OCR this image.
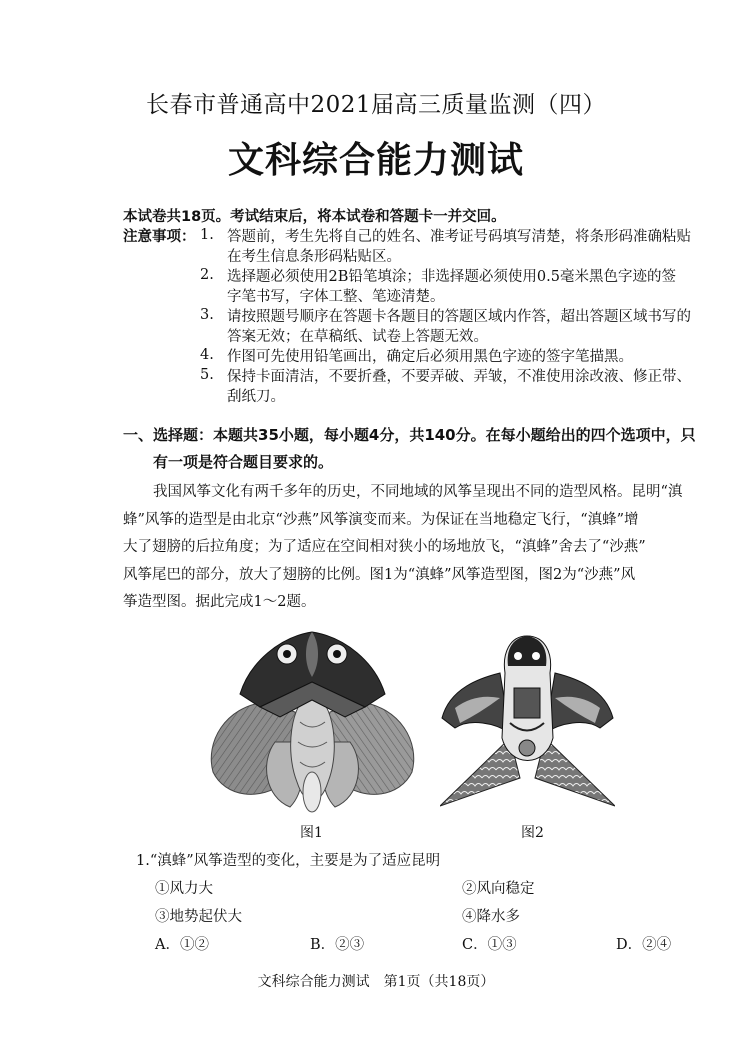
长春市普通高中2021届高三质量监测（四）
文科综合能力测试
本试卷共18页。考试结束后，将本试卷和答题卡一并交回。
注意事项： 1. 答题前，考生先将自己的姓名、准考证号码填写清楚，将条形码准确粘贴
在考生信息条形码粘贴区。
2. 选择题必须使用2B铅笔填涂；非选择题必须使用0.5毫米黑色字迹的签
字笔书写，字体工整、笔迹清楚。
3. 请按照题号顺序在答题卡各题目的答题区域内作答，超出答题区域书写的
答案无效；在草稿纸、试卷上答题无效。
4. 作图可先使用铅笔画出，确定后必须用黑色字迹的签字笔描黑。
5. 保持卡面清洁，不要折叠，不要弄破、弄皱，不准使用涂改液、修正带、
刮纸刀。
一、选择题：本题共35小题，每小题4分，共140分。在每小题给出的四个选项中，只
有一项是符合题目要求的。
我国风筝文化有两千多年的历史，不同地域的风筝呈现出不同的造型风格。昆明“滇
蜂”风筝的造型是由北京“沙燕”风筝演变而来。为保证在当地稳定飞行，“滇蜂”增
大了翅膀的后拉角度；为了适应在空间相对狭小的场地放飞，“滇蜂”舍去了“沙燕”
风筝尾巴的部分，放大了翅膀的比例。图1为“滇蜂”风筝造型图，图2为“沙燕”风
筝造型图。据此完成1～2题。
图1	图2
1.“滇蜂”风筝造型的变化，主要是为了适应昆明
①风力大	②风向稳定
③地势起伏大	④降水多
A．①②	B．②③	C．①③	D．②④
文科综合能力测试　第1页（共18页）
